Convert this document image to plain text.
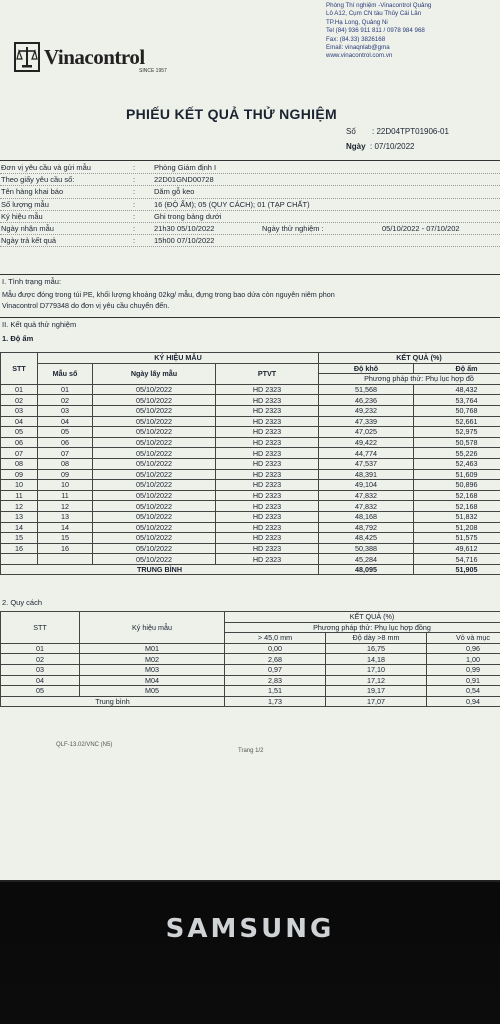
Vinacontrol
SINCE 1957
Phòng Thí nghiệm -Vinacontrol Quảng
Lô A12, Cụm CN tàu Thủy Cái Lân
TP.Hạ Long, Quảng Ni
Tel (84) 936 911 811 / 0978 984 968
Fax: (84.33) 3826168
Email: vinaqnlab@gma
www.vinacontrol.com.vn
PHIẾU KẾT QUẢ THỬ NGHIỆM
Số : 22D04TPT01906-01
Ngày : 07/10/2022
Đơn vị yêu cầu và gửi mẫu	:	Phòng Giám định I
Theo giấy yêu cầu số:	:	22D01GND00728
Tên hàng khai báo	:	Dăm gỗ keo
Số lượng mẫu	:	16 (ĐỘ ẨM); 05 (QUY CÁCH); 01 (TẠP CHẤT)
Ký hiệu mẫu	:	Ghi trong bảng dưới
Ngày nhận mẫu	:	21h30 05/10/2022	Ngày thử nghiệm :	05/10/2022 - 07/10/202
Ngày trả kết quả	:	15h00 07/10/2022
I. Tình trạng mẫu:
Mẫu được đóng trong túi PE, khối lượng khoảng 02kg/ mẫu, đựng trong bao dứa còn nguyên niêm phon
Vinacontrol D779348 do đơn vị yêu cầu chuyển đến.
II. Kết quả thử nghiệm
1. Độ ẩm
STT	KÝ HIỆU MẪU			KẾT QUẢ (%)	
	Mẫu số	Ngày lấy mẫu	PTVT	Độ khô	Độ ẩm
				Phương pháp thử: Phụ lục hợp đồ	
01	01	05/10/2022	HD 2323	51,568	48,432
02	02	05/10/2022	HD 2323	46,236	53,764
03	03	05/10/2022	HD 2323	49,232	50,768
04	04	05/10/2022	HD 2323	47,339	52,661
05	05	05/10/2022	HD 2323	47,025	52,975
06	06	05/10/2022	HD 2323	49,422	50,578
07	07	05/10/2022	HD 2323	44,774	55,226
08	08	05/10/2022	HD 2323	47,537	52,463
09	09	05/10/2022	HD 2323	48,391	51,609
10	10	05/10/2022	HD 2323	49,104	50,896
11	11	05/10/2022	HD 2323	47,832	52,168
12	12	05/10/2022	HD 2323	47,832	52,168
13	13	05/10/2022	HD 2323	48,168	51,832
14	14	05/10/2022	HD 2323	48,792	51,208
15	15	05/10/2022	HD 2323	48,425	51,575
16	16	05/10/2022	HD 2323	50,388	49,612
		05/10/2022	HD 2323	45,284	54,716
TRUNG BÌNH				48,095	51,905
2. Quy cách
STT	Ký hiệu mẫu	KẾT QUẢ (%)		
		Phương pháp thử: Phụ lục hợp đồng		
		> 45,0 mm	Độ dày >8 mm	Vỏ và mục
01	M01	0,00	16,75	0,96
02	M02	2,68	14,18	1,00
03	M03	0,97	17,10	0,99
04	M04	2,83	17,12	0,91
05	M05	1,51	19,17	0,54
Trung bình		1,73	17,07	0,94
QLF-13.02/VNC (N5)
Trang 1/2
SAMSUNG
